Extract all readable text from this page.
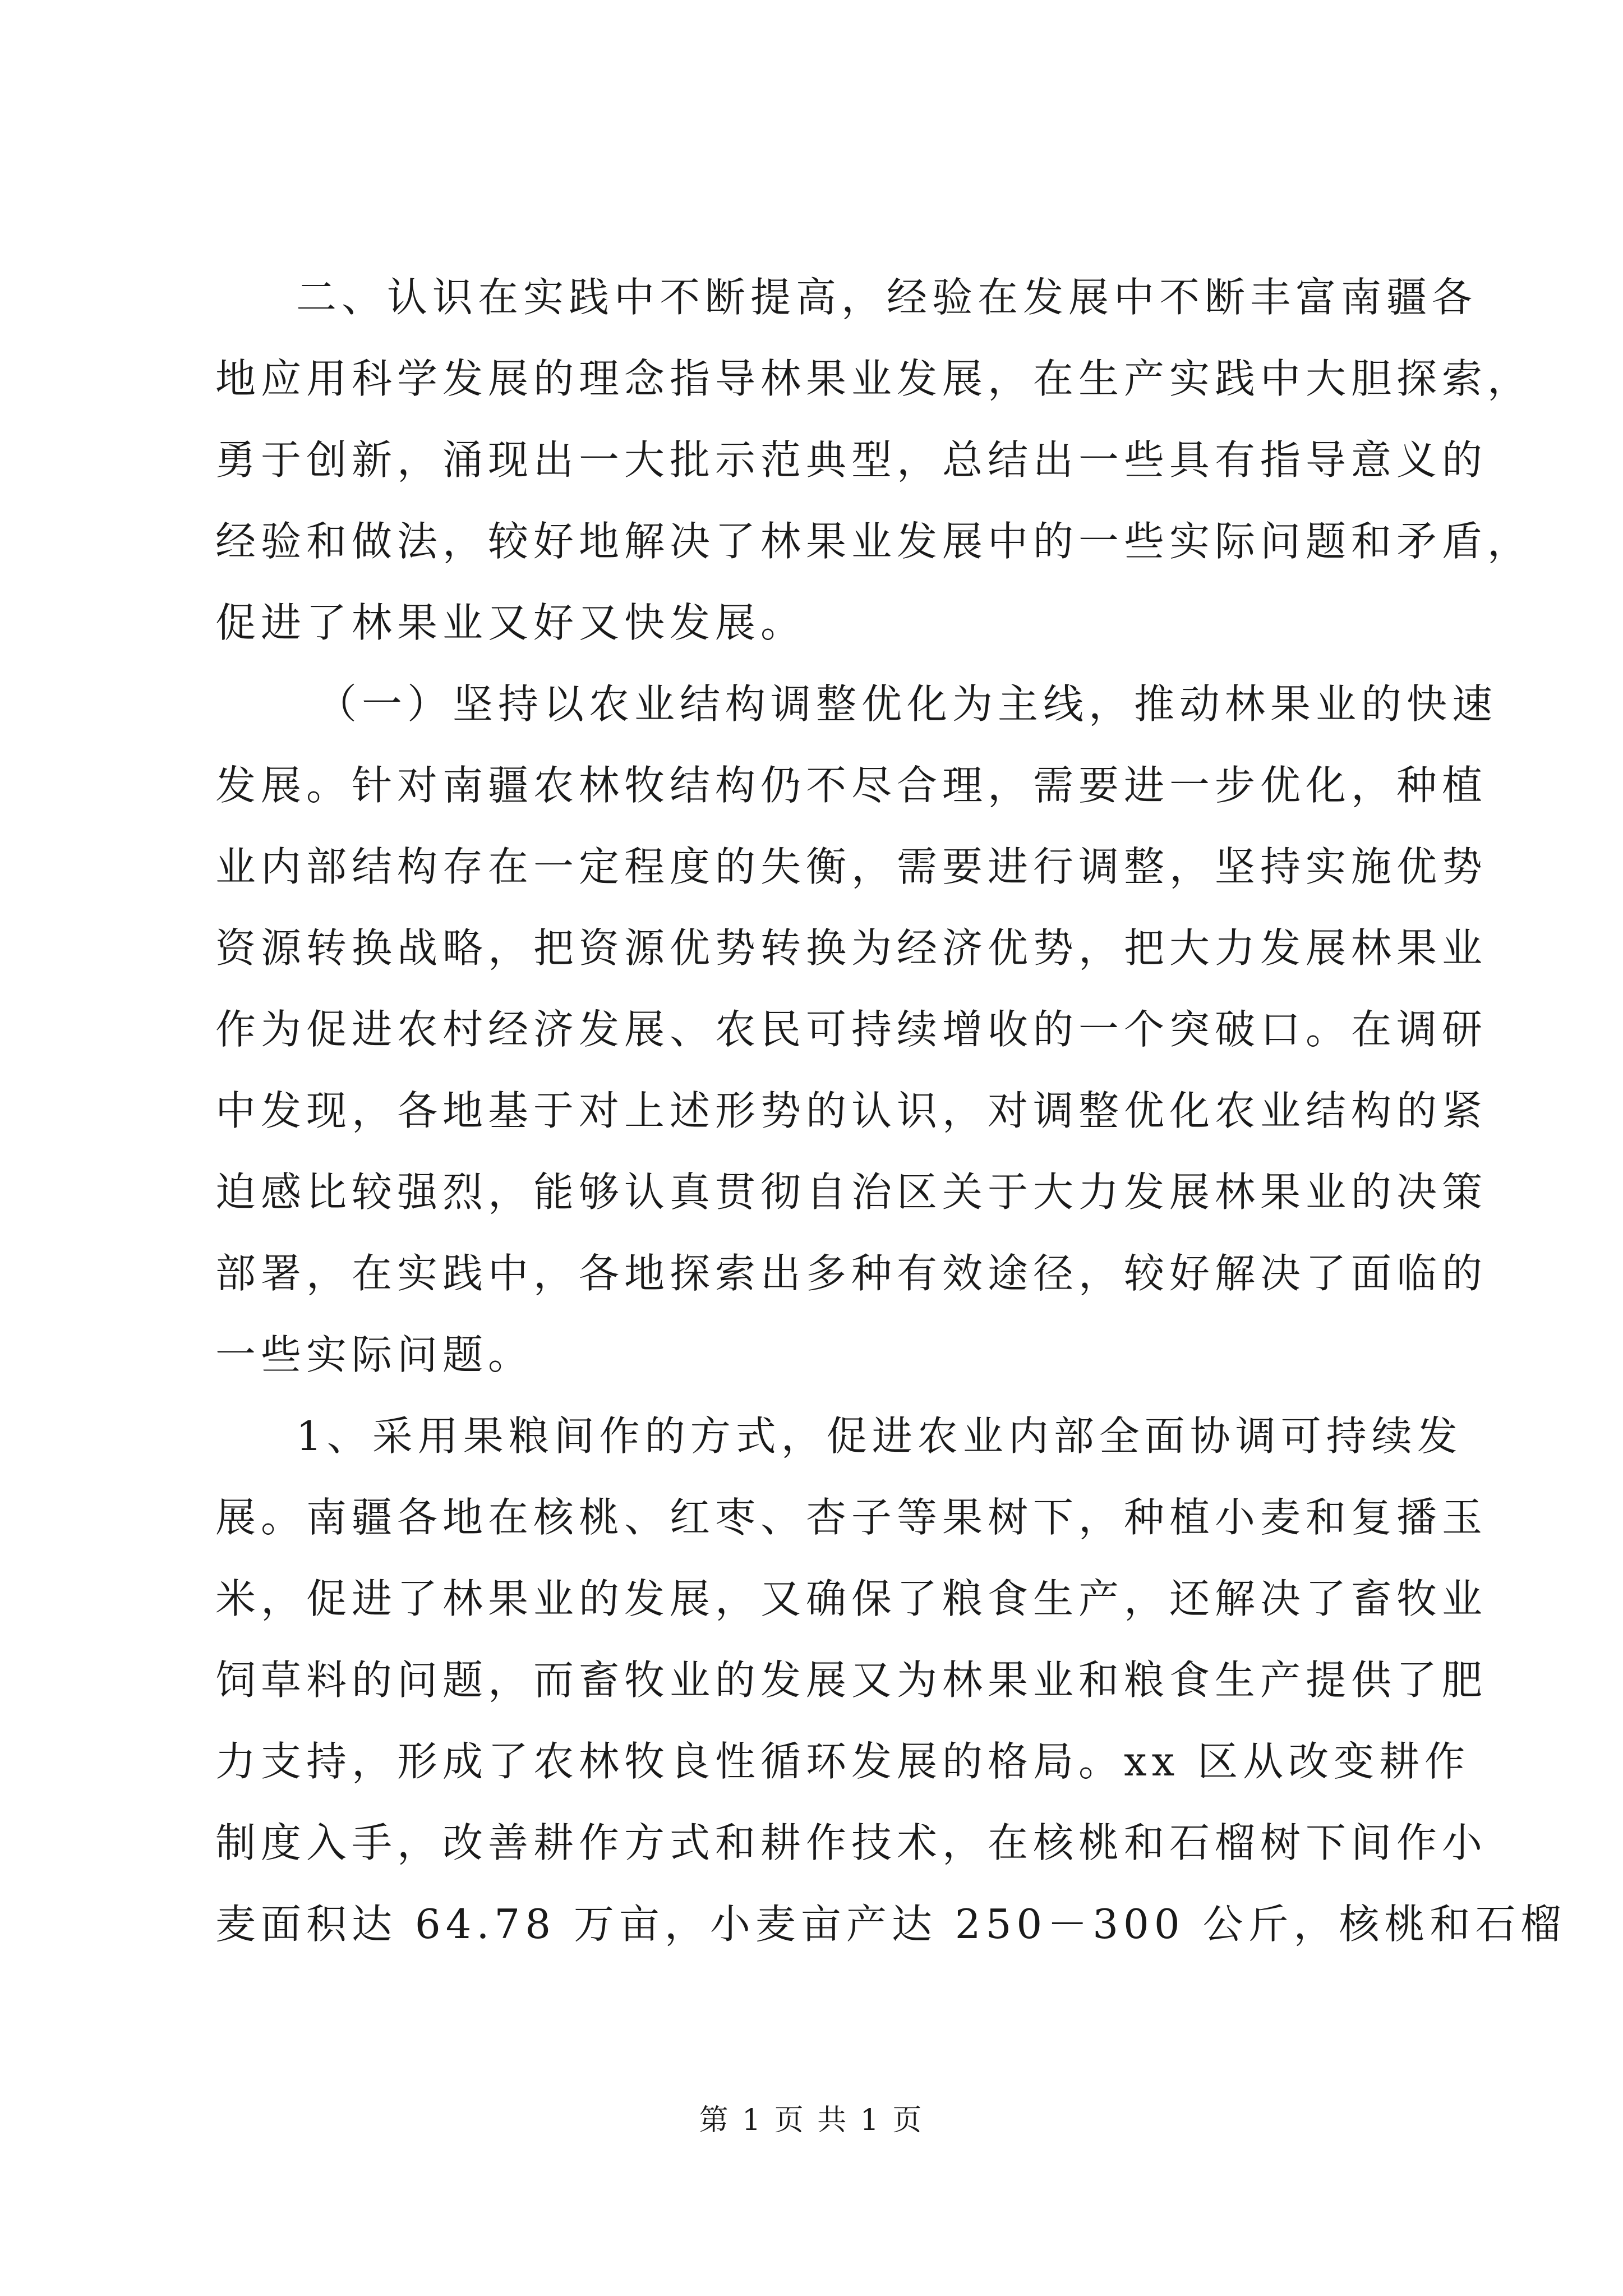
二、认识在实践中不断提高，经验在发展中不断丰富南疆各
地应用科学发展的理念指导林果业发展，在生产实践中大胆探索，
勇于创新，涌现出一大批示范典型，总结出一些具有指导意义的
经验和做法，较好地解决了林果业发展中的一些实际问题和矛盾，
促进了林果业又好又快发展。

（一）坚持以农业结构调整优化为主线，推动林果业的快速
发展。针对南疆农林牧结构仍不尽合理，需要进一步优化，种植
业内部结构存在一定程度的失衡，需要进行调整，坚持实施优势
资源转换战略，把资源优势转换为经济优势，把大力发展林果业
作为促进农村经济发展、农民可持续增收的一个突破口。在调研
中发现，各地基于对上述形势的认识，对调整优化农业结构的紧
迫感比较强烈，能够认真贯彻自治区关于大力发展林果业的决策
部署，在实践中，各地探索出多种有效途径，较好解决了面临的
一些实际问题。

1、采用果粮间作的方式，促进农业内部全面协调可持续发
展。南疆各地在核桃、红枣、杏子等果树下，种植小麦和复播玉
米，促进了林果业的发展，又确保了粮食生产，还解决了畜牧业
饲草料的问题，而畜牧业的发展又为林果业和粮食生产提供了肥
力支持，形成了农林牧良性循环发展的格局。xx 区从改变耕作
制度入手，改善耕作方式和耕作技术，在核桃和石榴树下间作小
麦面积达 64.78 万亩，小麦亩产达 250－300 公斤，核桃和石榴

第 1 页 共 1 页
